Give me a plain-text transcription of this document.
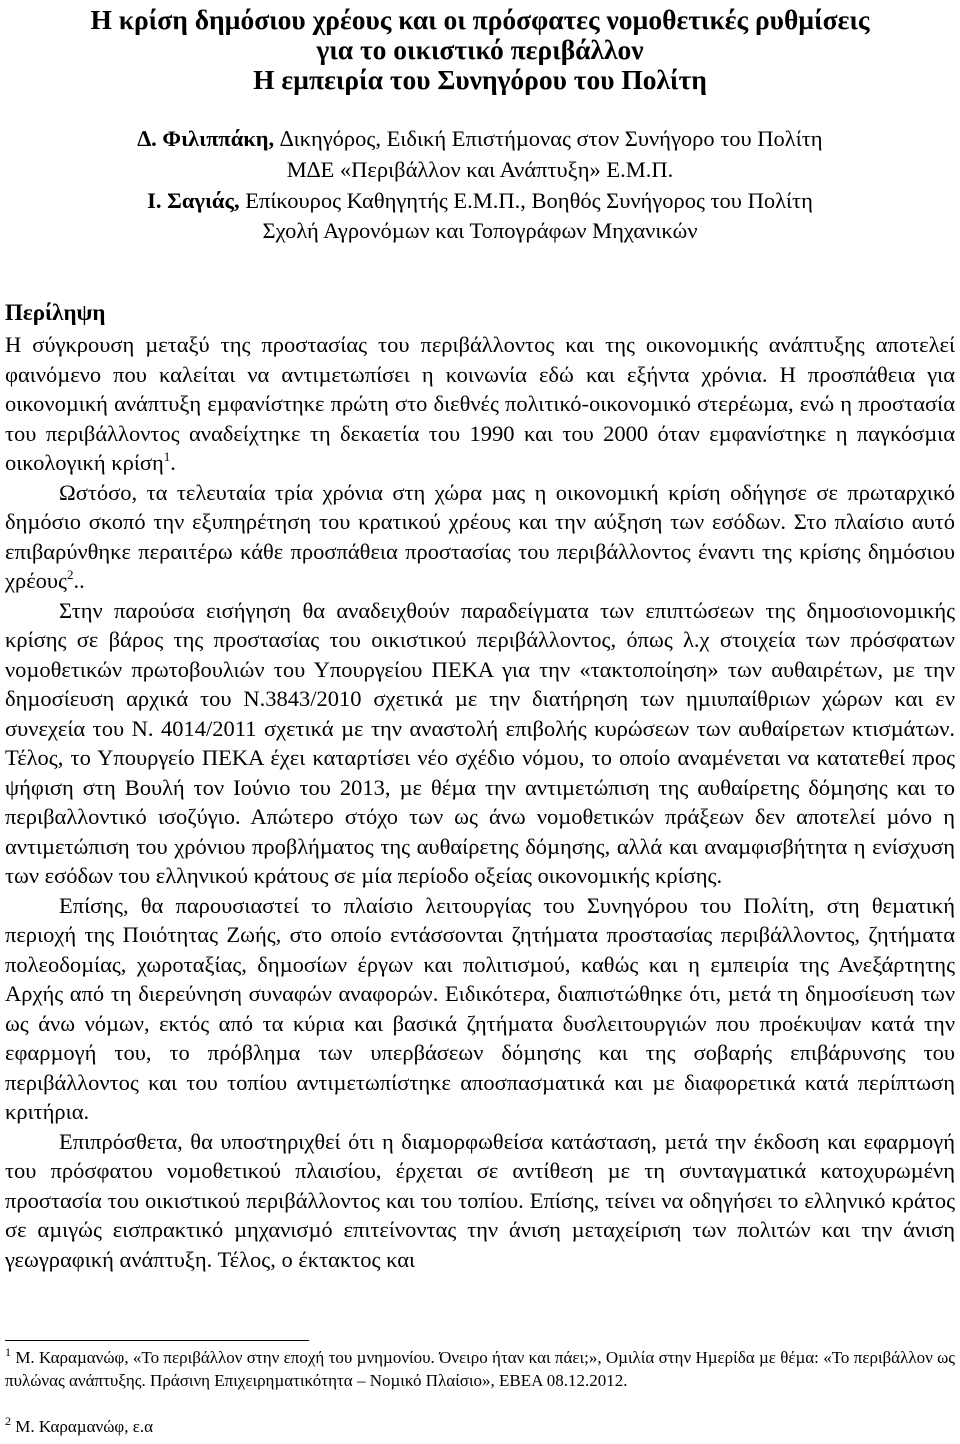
Η κρίση δηµόσιου χρέους και οι πρόσφατες νοµοθετικές ρυθµίσεις
για το οικιστικό περιβάλλον
Η εµπειρία του Συνηγόρου του Πολίτη
∆. Φιλιππάκη, ∆ικηγόρος, Ειδική Επιστήµονας στον Συνήγορο του Πολίτη
Μ∆Ε «Περιβάλλον και Ανάπτυξη» Ε.Μ.Π.
Ι. Σαγιάς, Επίκουρος Καθηγητής Ε.Μ.Π., Βοηθός Συνήγορος του Πολίτη
Σχολή Αγρονόµων και Τοπογράφων Μηχανικών
Περίληψη

Η σύγκρουση µεταξύ της προστασίας του περιβάλλοντος και της οικονοµικής ανάπτυξης αποτελεί φαινόµενο που καλείται να αντιµετωπίσει η κοινωνία εδώ και εξήντα χρόνια. Η προσπάθεια για οικονοµική ανάπτυξη εµφανίστηκε πρώτη στο διεθνές πολιτικό-οικονοµικό στερέωµα, ενώ η προστασία του περιβάλλοντος αναδείχτηκε τη δεκαετία του 1990 και του 2000 όταν εµφανίστηκε η παγκόσµια οικολογική κρίση$^1$.

Ωστόσο, τα τελευταία τρία χρόνια στη χώρα µας η οικονοµική κρίση οδήγησε σε πρωταρχικό δηµόσιο σκοπό την εξυπηρέτηση του κρατικού χρέους και την αύξηση των εσόδων. Στο πλαίσιο αυτό επιβαρύνθηκε περαιτέρω κάθε προσπάθεια προστασίας του περιβάλλοντος έναντι της κρίσης δηµόσιου χρέους$^2$..

Στην παρούσα εισήγηση θα αναδειχθούν παραδείγµατα των επιπτώσεων της δηµοσιονοµικής κρίσης σε βάρος της προστασίας του οικιστικού περιβάλλοντος, όπως λ.χ στοιχεία των πρόσφατων νοµοθετικών πρωτοβουλιών του Υπουργείου ΠΕΚΑ για την «τακτοποίηση» των αυθαιρέτων, µε την δηµοσίευση αρχικά του Ν.3843/2010 σχετικά µε την διατήρηση των ηµιυπαίθριων χώρων και εν συνεχεία του Ν. 4014/2011 σχετικά µε την αναστολή επιβολής κυρώσεων των αυθαίρετων κτισµάτων. Τέλος, το Υπουργείο ΠΕΚΑ έχει καταρτίσει νέο σχέδιο νόµου, το οποίο αναµένεται να κατατεθεί προς ψήφιση στη Βουλή τον Ιούνιο του 2013, µε θέµα την αντιµετώπιση της αυθαίρετης δόµησης και το περιβαλλοντικό ισοζύγιο. Απώτερο στόχο των ως άνω νοµοθετικών πράξεων δεν αποτελεί µόνο η αντιµετώπιση του χρόνιου προβλήµατος της αυθαίρετης δόµησης, αλλά και αναµφισβήτητα η ενίσχυση των εσόδων του ελληνικού κράτους σε µία περίοδο οξείας οικονοµικής κρίσης.

Επίσης, θα παρουσιαστεί το πλαίσιο λειτουργίας του Συνηγόρου του Πολίτη, στη θεµατική περιοχή της Ποιότητας Ζωής, στο οποίο εντάσσονται ζητήµατα προστασίας περιβάλλοντος, ζητήµατα πολεοδοµίας, χωροταξίας, δηµοσίων έργων και πολιτισµού, καθώς και η εµπειρία της Ανεξάρτητης Αρχής από τη διερεύνηση συναφών αναφορών. Ειδικότερα, διαπιστώθηκε ότι, µετά τη δηµοσίευση των ως άνω νόµων, εκτός από τα κύρια και βασικά ζητήµατα δυσλειτουργιών που προέκυψαν κατά την εφαρµογή του, το πρόβληµα των υπερβάσεων δόµησης και της σοβαρής επιβάρυνσης του περιβάλλοντος και του τοπίου αντιµετωπίστηκε αποσπασµατικά και µε διαφορετικά κατά περίπτωση κριτήρια.

Επιπρόσθετα, θα υποστηριχθεί ότι η διαµορφωθείσα κατάσταση, µετά την έκδοση και εφαρµογή του πρόσφατου νοµοθετικού πλαισίου, έρχεται σε αντίθεση µε τη συνταγµατικά κατοχυρωµένη προστασία του οικιστικού περιβάλλοντος και του τοπίου. Επίσης, τείνει να οδηγήσει το ελληνικό κράτος σε αµιγώς εισπρακτικό µηχανισµό επιτείνοντας την άνιση µεταχείριση των πολιτών και την άνιση γεωγραφική ανάπτυξη. Τέλος, ο έκτακτος και

$^1$ Μ. Καραµανώφ, «Το περιβάλλον στην εποχή του µνηµονίου. Όνειρο ήταν και πάει;», Οµιλία στην Ηµερίδα µε θέµα: «Το περιβάλλον ως πυλώνας ανάπτυξης. Πράσινη Επιχειρηµατικότητα – Νοµικό Πλαίσιο», ΕΒΕΑ 08.12.2012.
$^2$ Μ. Καραµανώφ, ε.α
